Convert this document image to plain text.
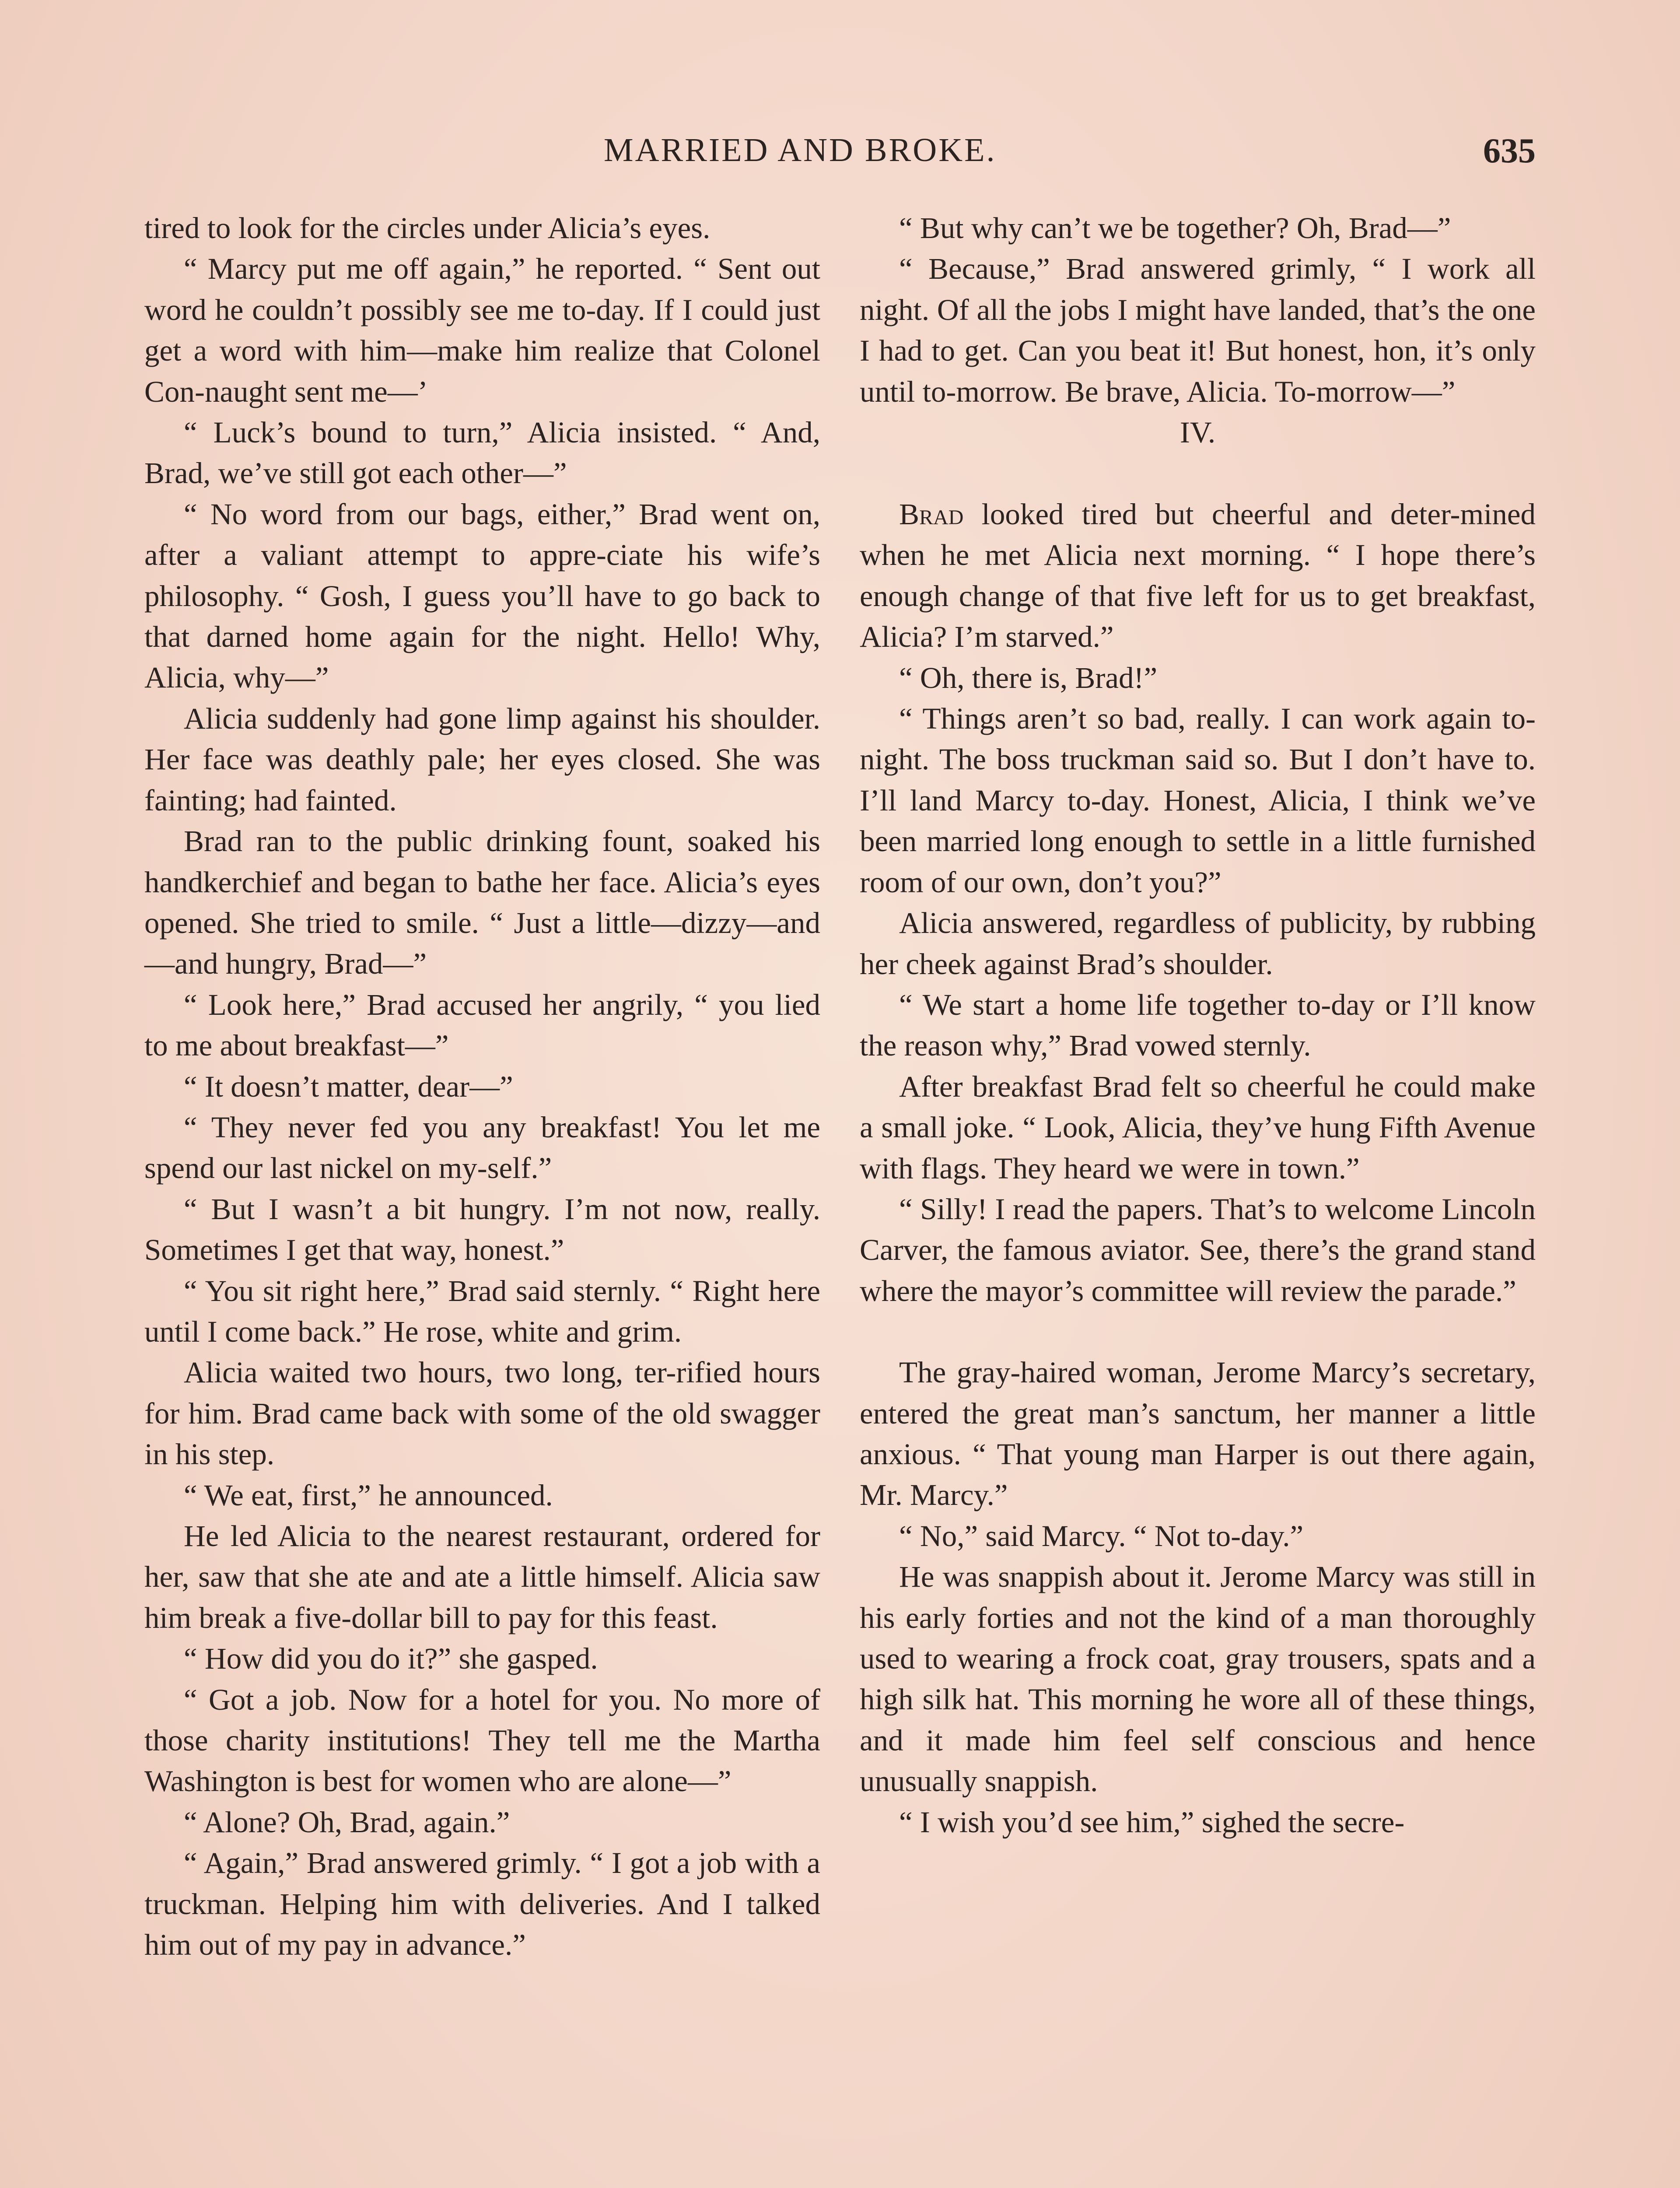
MARRIED AND BROKE.	635

tired to look for the circles under Alicia’s eyes.

“ Marcy put me off again,” he reported. “ Sent out word he couldn’t possibly see me to-day. If I could just get a word with him—make him realize that Colonel Con-naught sent me—’

“ Luck’s bound to turn,” Alicia insisted. “ And, Brad, we’ve still got each other—”

“ No word from our bags, either,” Brad went on, after a valiant attempt to appre-ciate his wife’s philosophy. “ Gosh, I guess you’ll have to go back to that darned home again for the night. Hello! Why, Alicia, why—”

Alicia suddenly had gone limp against his shoulder. Her face was deathly pale; her eyes closed. She was fainting; had fainted.

Brad ran to the public drinking fount, soaked his handkerchief and began to bathe her face. Alicia’s eyes opened. She tried to smile. “ Just a little—dizzy—and—and hungry, Brad—”

“ Look here,” Brad accused her angrily, “ you lied to me about breakfast—”

“ It doesn’t matter, dear—”

“ They never fed you any breakfast! You let me spend our last nickel on my-self.”

“ But I wasn’t a bit hungry. I’m not now, really. Sometimes I get that way, honest.”

“ You sit right here,” Brad said sternly. “ Right here until I come back.” He rose, white and grim.

Alicia waited two hours, two long, ter-rified hours for him. Brad came back with some of the old swagger in his step.

“ We eat, first,” he announced.

He led Alicia to the nearest restaurant, ordered for her, saw that she ate and ate a little himself. Alicia saw him break a five-dollar bill to pay for this feast.

“ How did you do it?” she gasped.

“ Got a job. Now for a hotel for you. No more of those charity institutions! They tell me the Martha Washington is best for women who are alone—”

“ Alone? Oh, Brad, again.”

“ Again,” Brad answered grimly. “ I got a job with a truckman. Helping him with deliveries. And I talked him out of my pay in advance.”

“ But why can’t we be together? Oh, Brad—”

“ Because,” Brad answered grimly, “ I work all night. Of all the jobs I might have landed, that’s the one I had to get. Can you beat it! But honest, hon, it’s only until to-morrow. Be brave, Alicia. To-morrow—”

IV.

Brad looked tired but cheerful and deter-mined when he met Alicia next morning. “ I hope there’s enough change of that five left for us to get breakfast, Alicia? I’m starved.”

“ Oh, there is, Brad!”

“ Things aren’t so bad, really. I can work again to-night. The boss truckman said so. But I don’t have to. I’ll land Marcy to-day. Honest, Alicia, I think we’ve been married long enough to settle in a little furnished room of our own, don’t you?”

Alicia answered, regardless of publicity, by rubbing her cheek against Brad’s shoulder.

“ We start a home life together to-day or I’ll know the reason why,” Brad vowed sternly.

After breakfast Brad felt so cheerful he could make a small joke. “ Look, Alicia, they’ve hung Fifth Avenue with flags. They heard we were in town.”

“ Silly! I read the papers. That’s to welcome Lincoln Carver, the famous aviator. See, there’s the grand stand where the mayor’s committee will review the parade.”

The gray-haired woman, Jerome Marcy’s secretary, entered the great man’s sanctum, her manner a little anxious. “ That young man Harper is out there again, Mr. Marcy.”

“ No,” said Marcy. “ Not to-day.”

He was snappish about it. Jerome Marcy was still in his early forties and not the kind of a man thoroughly used to wearing a frock coat, gray trousers, spats and a high silk hat. This morning he wore all of these things, and it made him feel self conscious and hence unusually snappish.

“ I wish you’d see him,” sighed the secre-
